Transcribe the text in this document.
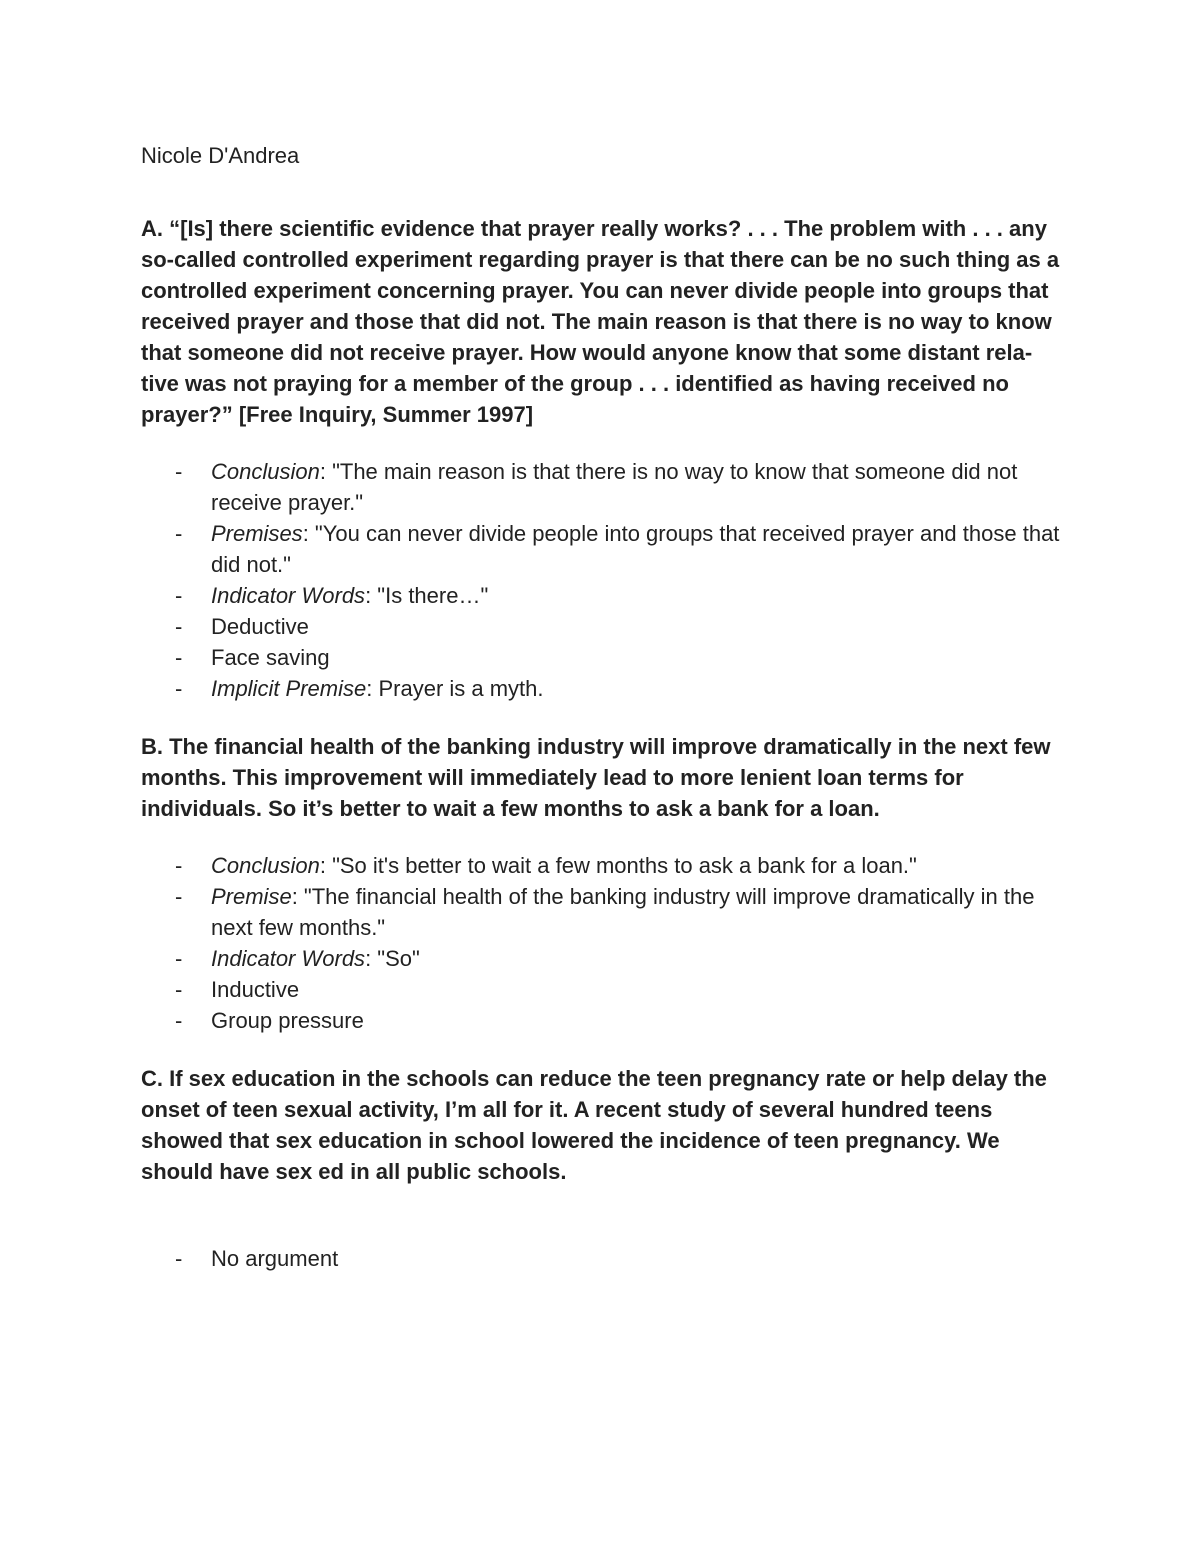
Nicole D'Andrea

A. “[Is] there scientific evidence that prayer really works? . . . The problem with . . . any so-called controlled experiment regarding prayer is that there can be no such thing as a controlled experiment concerning prayer. You can never divide people into groups that received prayer and those that did not. The main reason is that there is no way to know that someone did not receive prayer. How would anyone know that some distant rela- tive was not praying for a member of the group . . . identified as having received no prayer?” [Free Inquiry, Summer 1997]

- Conclusion: "The main reason is that there is no way to know that someone did not receive prayer."
- Premises: "You can never divide people into groups that received prayer and those that did not."
- Indicator Words: "Is there…"
- Deductive
- Face saving
- Implicit Premise: Prayer is a myth.

B. The financial health of the banking industry will improve dramatically in the next few months. This improvement will immediately lead to more lenient loan terms for individuals. So it’s better to wait a few months to ask a bank for a loan.

- Conclusion: "So it's better to wait a few months to ask a bank for a loan."
- Premise: "The financial health of the banking industry will improve dramatically in the next few months."
- Indicator Words: "So"
- Inductive
- Group pressure

C. If sex education in the schools can reduce the teen pregnancy rate or help delay the onset of teen sexual activity, I’m all for it. A recent study of several hundred teens showed that sex education in school lowered the incidence of teen pregnancy. We should have sex ed in all public schools.

- No argument
